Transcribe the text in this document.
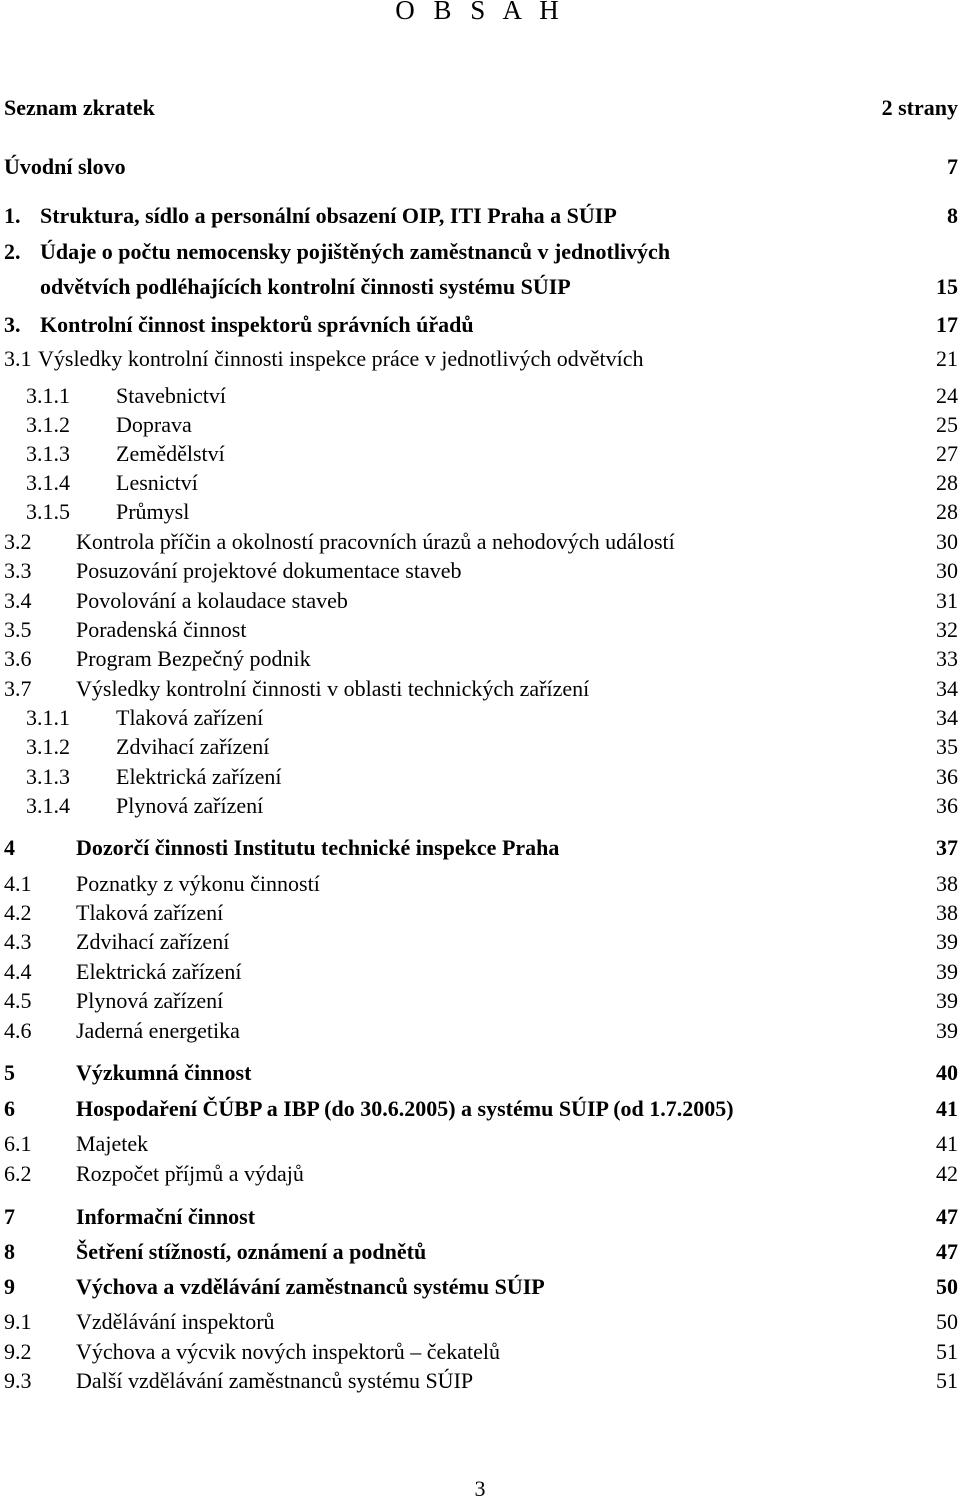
O B S A H
Seznam zkratek	2 strany
Úvodní slovo	7
1. Struktura, sídlo a personální obsazení OIP, ITI Praha a SÚIP	8
2. Údaje o počtu nemocensky pojištěných zaměstnanců v jednotlivých
odvětvích podléhajících kontrolní činnosti systému SÚIP	15
3. Kontrolní činnost inspektorů správních úřadů	17
3.1 Výsledky kontrolní činnosti inspekce práce v jednotlivých odvětvích	21
3.1.1 Stavebnictví	24
3.1.2 Doprava	25
3.1.3 Zemědělství	27
3.1.4 Lesnictví	28
3.1.5 Průmysl	28
3.2 Kontrola příčin a okolností pracovních úrazů a nehodových událostí	30
3.3 Posuzování projektové dokumentace staveb	30
3.4 Povolování a kolaudace staveb	31
3.5 Poradenská činnost	32
3.6 Program Bezpečný podnik	33
3.7 Výsledky kontrolní činnosti v oblasti technických zařízení	34
3.1.1 Tlaková zařízení	34
3.1.2 Zdvihací zařízení	35
3.1.3 Elektrická zařízení	36
3.1.4 Plynová zařízení	36
4	Dozorčí činnosti Institutu technické inspekce Praha	37
4.1 Poznatky z výkonu činností	38
4.2 Tlaková zařízení	38
4.3 Zdvihací zařízení	39
4.4 Elektrická zařízení	39
4.5 Plynová zařízení	39
4.6 Jaderná energetika	39
5	Výzkumná činnost	40
6	Hospodaření ČÚBP a IBP (do 30.6.2005) a systému SÚIP (od 1.7.2005)	41
6.1 Majetek	41
6.2 Rozpočet příjmů a výdajů	42
7	Informační činnost	47
8	Šetření stížností, oznámení a podnětů	47
9	Výchova a vzdělávání zaměstnanců systému SÚIP	50
9.1 Vzdělávání inspektorů	50
9.2 Výchova a výcvik nových inspektorů – čekatelů	51
9.3 Další vzdělávání zaměstnanců systému SÚIP	51
3
